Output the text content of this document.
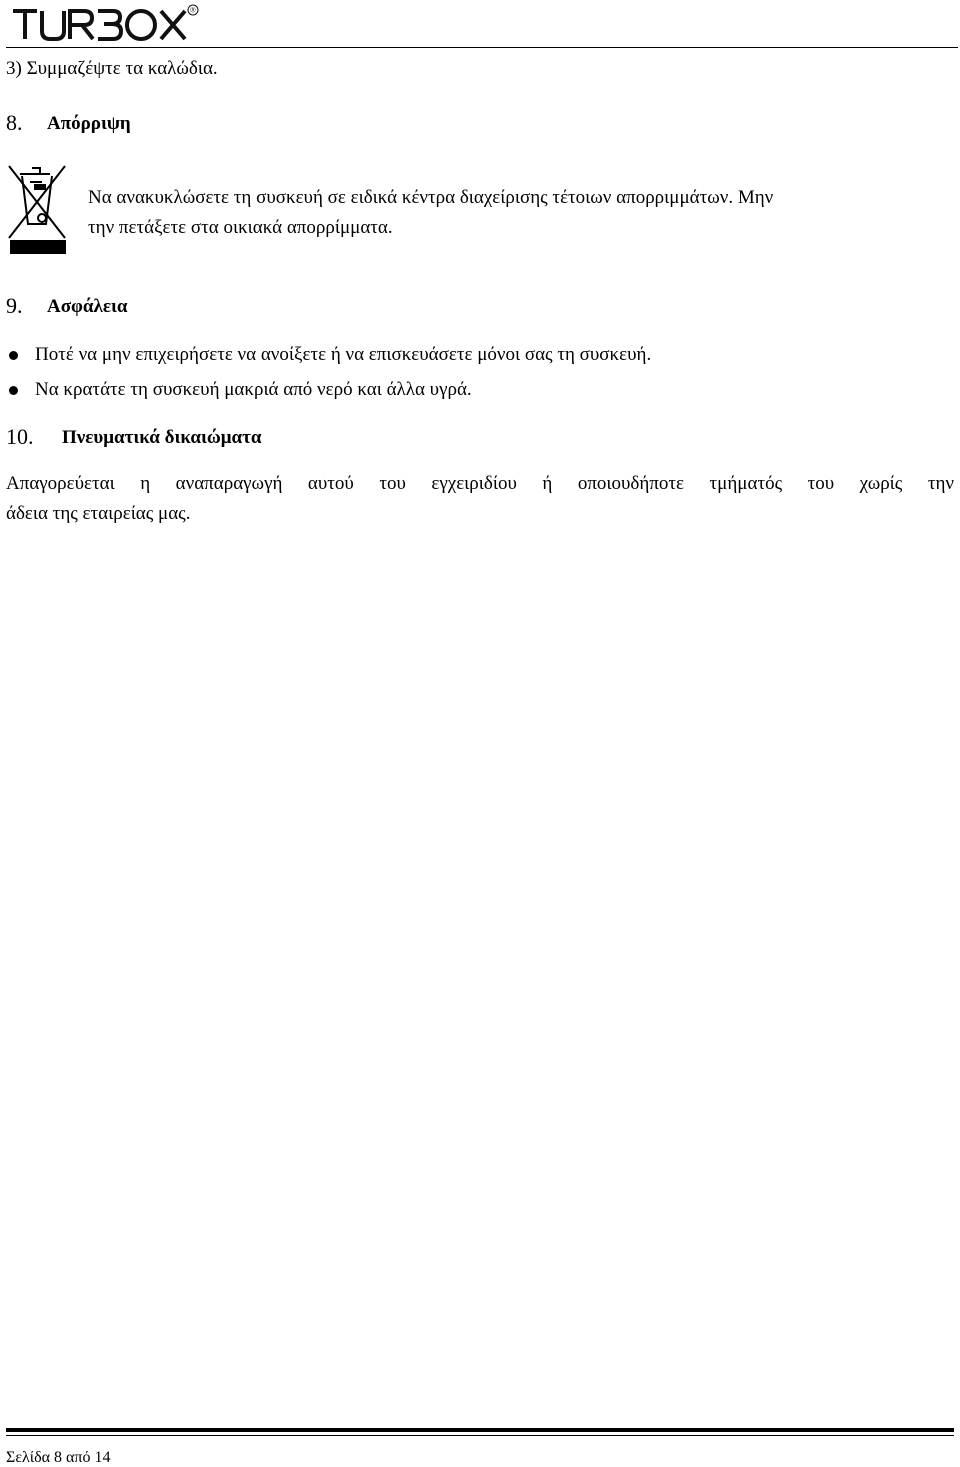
®
3) Συμμαζέψτε τα καλώδια.
8. Απόρριψη
Να ανακυκλώσετε τη συσκευή σε ειδικά κέντρα διαχείρισης τέτοιων απορριμμάτων. Μην
την πετάξετε στα οικιακά απορρίμματα.
9. Ασφάλεια
Ποτέ να μην επιχειρήσετε να ανοίξετε ή να επισκευάσετε μόνοι σας τη συσκευή.
Να κρατάτε τη συσκευή μακριά από νερό και άλλα υγρά.
10. Πνευματικά δικαιώματα
Απαγορεύεται η αναπαραγωγή αυτού του εγχειριδίου ή οποιουδήποτε τμήματός του χωρίς την
άδεια της εταιρείας μας.
Σελίδα 8 από 14
